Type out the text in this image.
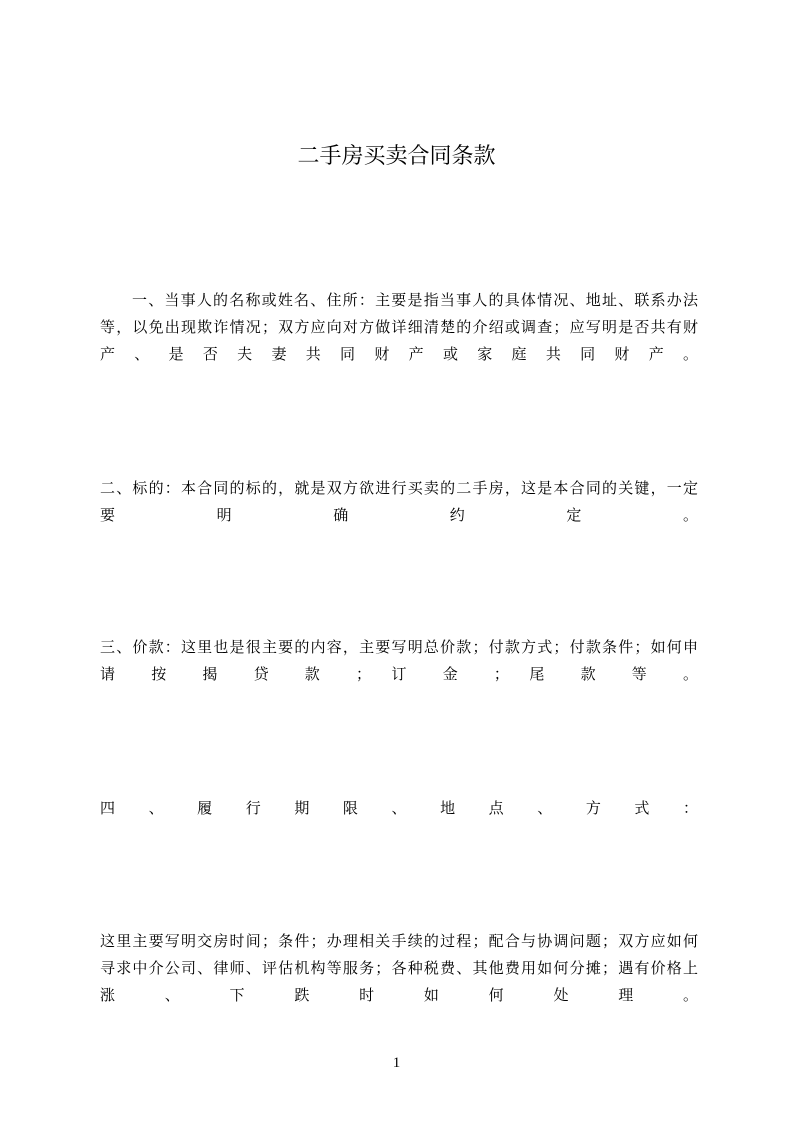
二手房买卖合同条款
一、当事人的名称或姓名、住所：主要是指当事人的具体情况、地址、联系办法
等，以免出现欺诈情况；双方应向对方做详细清楚的介绍或调查；应写明是否共有财
产 、 是 否 夫 妻 共 同 财 产 或 家 庭 共 同 财 产 。
二、标的：本合同的标的，就是双方欲进行买卖的二手房，这是本合同的关键，一定
要 明 确 约 定 。
三、价款：这里也是很主要的内容，主要写明总价款；付款方式；付款条件；如何申
请 按 揭 贷 款 ； 订 金 ； 尾 款 等 。
四 、 履 行 期 限 、 地 点 、 方 式 ：
这里主要写明交房时间；条件；办理相关手续的过程；配合与协调问题；双方应如何
寻求中介公司、律师、评估机构等服务；各种税费、其他费用如何分摊；遇有价格上
涨 、 下 跌 时 如 何 处 理 。
1
